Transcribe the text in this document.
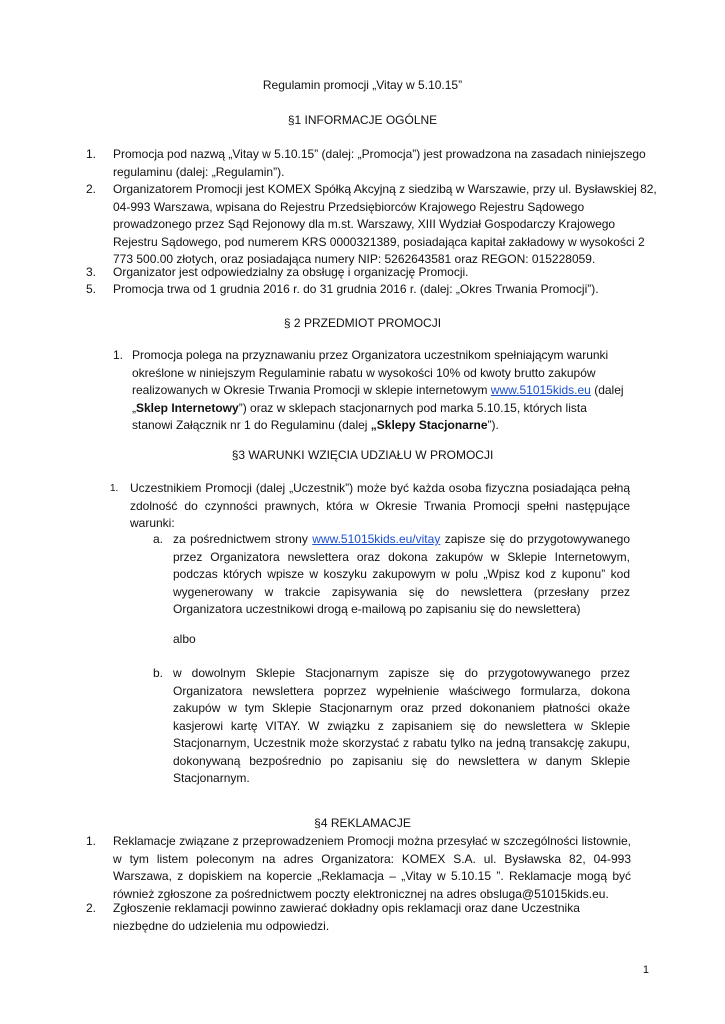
Regulamin promocji „Vitay w 5.10.15”
§1 INFORMACJE OGÓLNE
1. Promocja pod nazwą „Vitay w 5.10.15” (dalej: „Promocja”) jest prowadzona na zasadach niniejszego regulaminu (dalej: „Regulamin”).
2. Organizatorem Promocji jest KOMEX Spółką Akcyjną z siedzibą w Warszawie, przy ul. Bysławskiej 82, 04-993 Warszawa, wpisana do Rejestru Przedsiębiorców Krajowego Rejestru Sądowego prowadzonego przez Sąd Rejonowy dla m.st. Warszawy, XIII Wydział Gospodarczy Krajowego Rejestru Sądowego, pod numerem KRS 0000321389, posiadająca kapitał zakładowy w wysokości 2 773 500.00 złotych, oraz posiadająca numery NIP: 5262643581 oraz REGON: 015228059.
3. Organizator jest odpowiedzialny za obsługę i organizację Promocji.
5. Promocja trwa od 1 grudnia 2016 r. do 31 grudnia 2016 r. (dalej: „Okres Trwania Promocji”).
§ 2 PRZEDMIOT PROMOCJI
1. Promocja polega na przyznawaniu przez Organizatora uczestnikom spełniającym warunki określone w niniejszym Regulaminie rabatu w wysokości 10% od kwoty brutto zakupów realizowanych w Okresie Trwania Promocji w sklepie internetowym www.51015kids.eu (dalej „Sklep Internetowy”) oraz w sklepach stacjonarnych pod marka 5.10.15, których lista stanowi Załącznik nr 1 do Regulaminu (dalej „Sklepy Stacjonarne”).
§3 WARUNKI WZIĘCIA UDZIAŁU W PROMOCJI
1. Uczestnikiem Promocji (dalej „Uczestnik”) może być każda osoba fizyczna posiadająca pełną zdolność do czynności prawnych, która w Okresie Trwania Promocji spełni następujące warunki:
a. za pośrednictwem strony www.51015kids.eu/vitay zapisze się do przygotowywanego przez Organizatora newslettera oraz dokona zakupów w Sklepie Internetowym, podczas których wpisze w koszyku zakupowym w polu „Wpisz kod z kuponu” kod wygenerowany w trakcie zapisywania się do newslettera (przesłany przez Organizatora uczestnikowi drogą e-mailową po zapisaniu się do newslettera)
albo
b. w dowolnym Sklepie Stacjonarnym zapisze się do przygotowywanego przez Organizatora newslettera poprzez wypełnienie właściwego formularza, dokona zakupów w tym Sklepie Stacjonarnym oraz przed dokonaniem płatności okaże kasjerowi kartę VITAY. W związku z zapisaniem się do newslettera w Sklepie Stacjonarnym, Uczestnik może skorzystać z rabatu tylko na jedną transakcję zakupu, dokonywaną bezpośrednio po zapisaniu się do newslettera w danym Sklepie Stacjonarnym.
§4 REKLAMACJE
1. Reklamacje związane z przeprowadzeniem Promocji można przesyłać w szczególności listownie, w tym listem poleconym na adres Organizatora: KOMEX S.A. ul. Bysławska 82, 04-993 Warszawa, z dopiskiem na kopercie „Reklamacja – „Vitay w 5.10.15 ”. Reklamacje mogą być również zgłoszone za pośrednictwem poczty elektronicznej na adres obsluga@51015kids.eu.
2. Zgłoszenie reklamacji powinno zawierać dokładny opis reklamacji oraz dane Uczestnika niezbędne do udzielenia mu odpowiedzi.
1
